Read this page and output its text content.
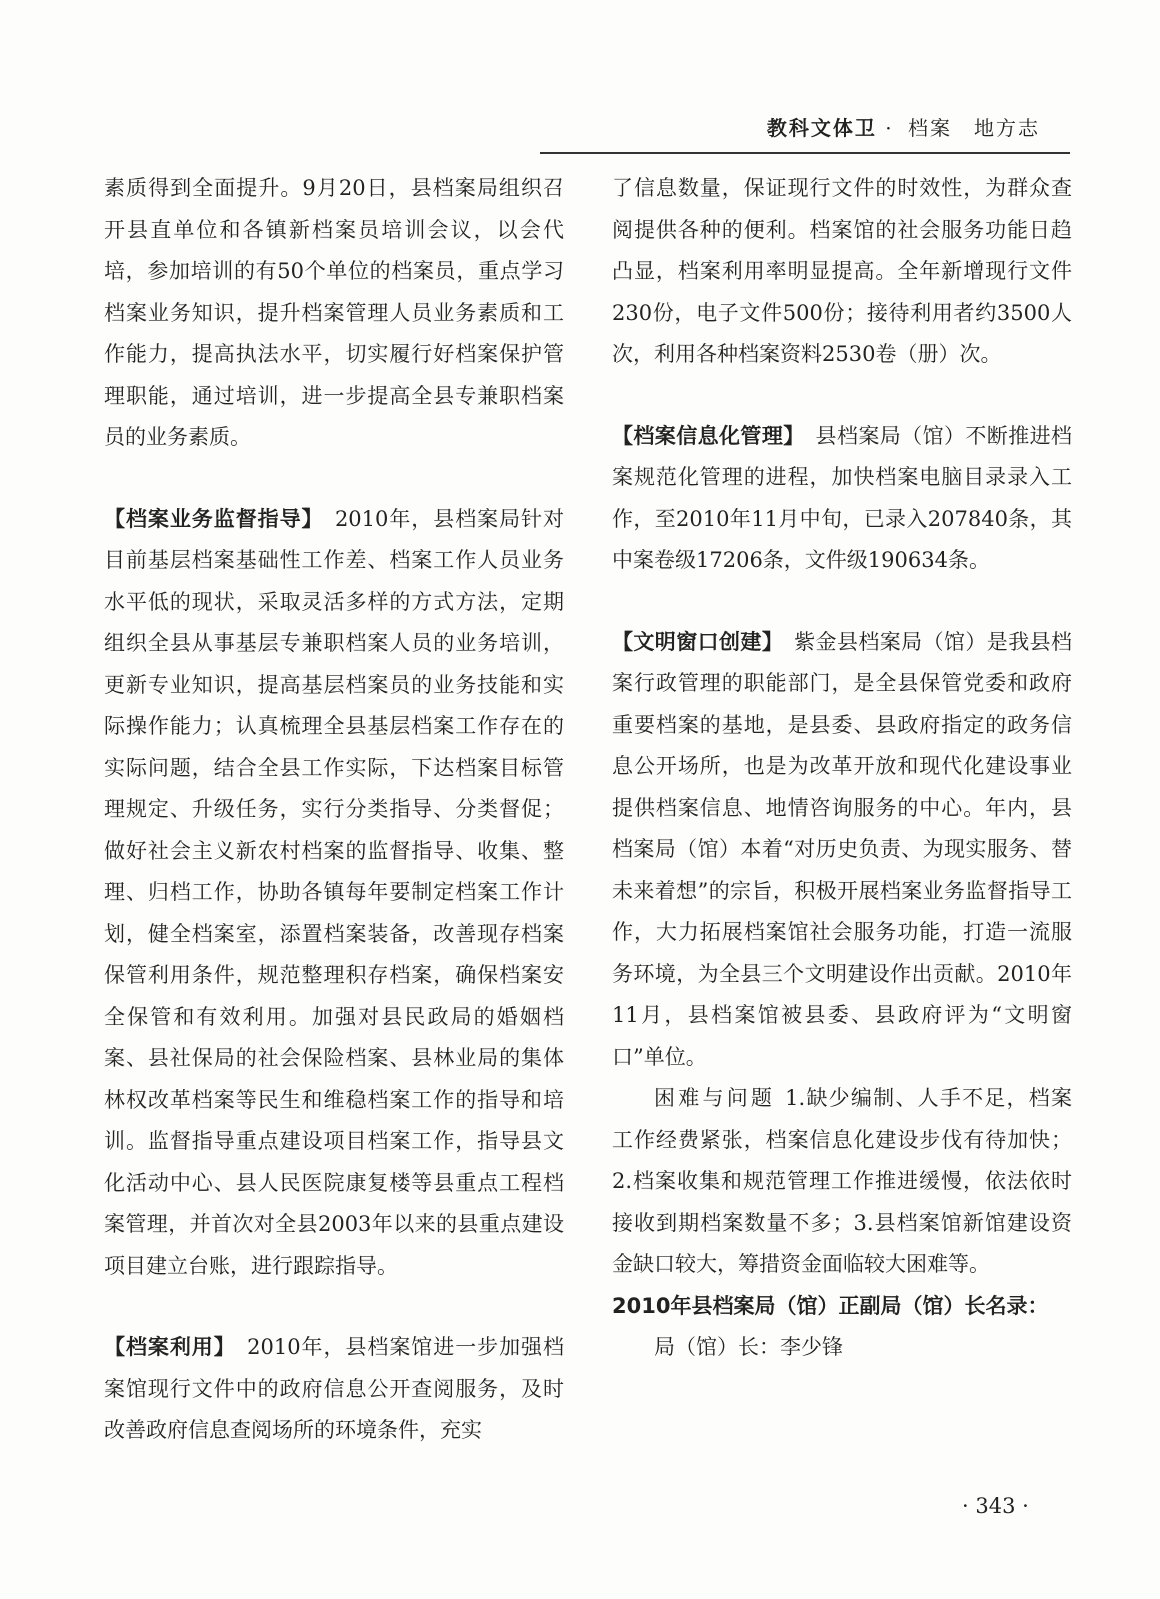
教科文体卫 · 档案　地方志

素质得到全面提升。9月20日，县档案局组织召开县直单位和各镇新档案员培训会议，以会代培，参加培训的有50个单位的档案员，重点学习档案业务知识，提升档案管理人员业务素质和工作能力，提高执法水平，切实履行好档案保护管理职能，通过培训，进一步提高全县专兼职档案员的业务素质。

【档案业务监督指导】　2010年，县档案局针对目前基层档案基础性工作差、档案工作人员业务水平低的现状，采取灵活多样的方式方法，定期组织全县从事基层专兼职档案人员的业务培训，更新专业知识，提高基层档案员的业务技能和实际操作能力；认真梳理全县基层档案工作存在的实际问题，结合全县工作实际，下达档案目标管理规定、升级任务，实行分类指导、分类督促；做好社会主义新农村档案的监督指导、收集、整理、归档工作，协助各镇每年要制定档案工作计划，健全档案室，添置档案装备，改善现存档案保管利用条件，规范整理积存档案，确保档案安全保管和有效利用。加强对县民政局的婚姻档案、县社保局的社会保险档案、县林业局的集体林权改革档案等民生和维稳档案工作的指导和培训。监督指导重点建设项目档案工作，指导县文化活动中心、县人民医院康复楼等县重点工程档案管理，并首次对全县2003年以来的县重点建设项目建立台账，进行跟踪指导。

【档案利用】　2010年，县档案馆进一步加强档案馆现行文件中的政府信息公开查阅服务，及时改善政府信息查阅场所的环境条件，充实

了信息数量，保证现行文件的时效性，为群众查阅提供各种的便利。档案馆的社会服务功能日趋凸显，档案利用率明显提高。全年新增现行文件230份，电子文件500份；接待利用者约3500人次，利用各种档案资料2530卷（册）次。

【档案信息化管理】　县档案局（馆）不断推进档案规范化管理的进程，加快档案电脑目录录入工作，至2010年11月中旬，已录入207840条，其中案卷级17206条，文件级190634条。

【文明窗口创建】　紫金县档案局（馆）是我县档案行政管理的职能部门，是全县保管党委和政府重要档案的基地，是县委、县政府指定的政务信息公开场所，也是为改革开放和现代化建设事业提供档案信息、地情咨询服务的中心。年内，县档案局（馆）本着“对历史负责、为现实服务、替未来着想”的宗旨，积极开展档案业务监督指导工作，大力拓展档案馆社会服务功能，打造一流服务环境，为全县三个文明建设作出贡献。2010年11月，县档案馆被县委、县政府评为“文明窗口”单位。

困难与问题 1.缺少编制、人手不足，档案工作经费紧张，档案信息化建设步伐有待加快；2.档案收集和规范管理工作推进缓慢，依法依时接收到期档案数量不多；3.县档案馆新馆建设资金缺口较大，筹措资金面临较大困难等。

2010年县档案局（馆）正副局（馆）长名录：

局（馆）长：李少锋

· 343 ·
